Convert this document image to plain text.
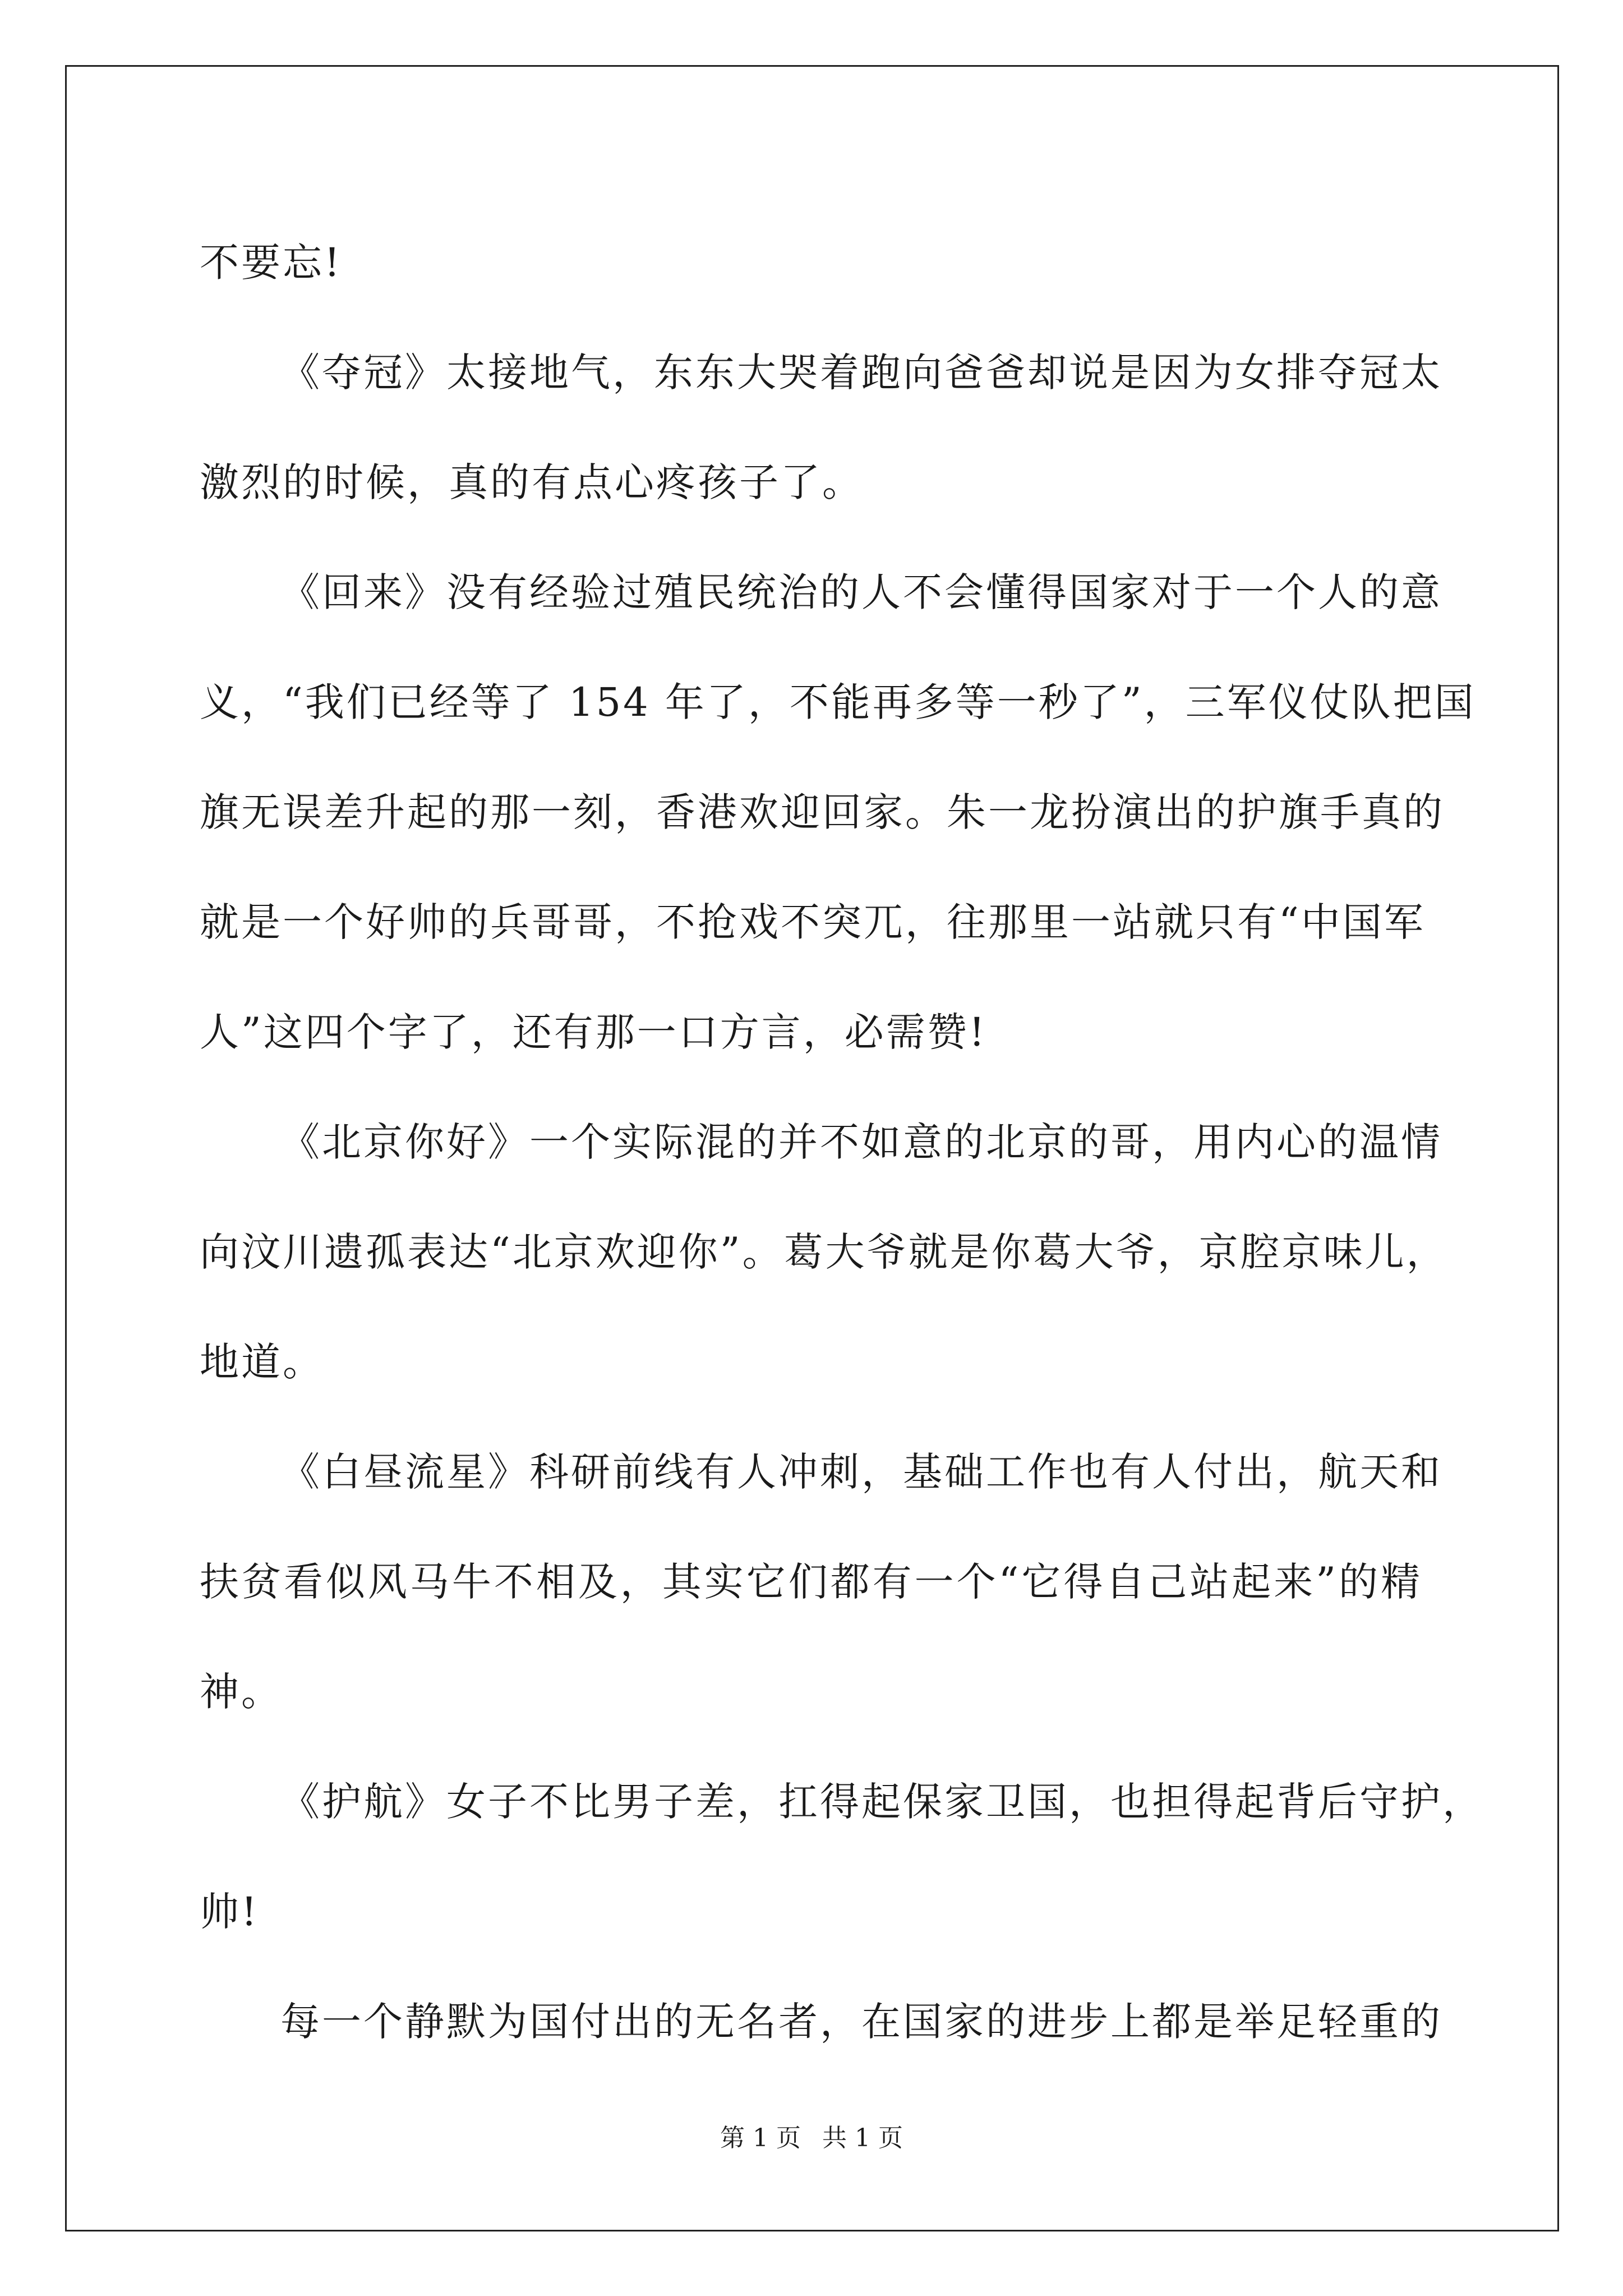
不要忘!
《夺冠》太接地气，东东大哭着跑向爸爸却说是因为女排夺冠太
激烈的时候，真的有点心疼孩子了。
《回来》没有经验过殖民统治的人不会懂得国家对于一个人的意
义，“我们已经等了 154 年了，不能再多等一秒了”，三军仪仗队把国
旗无误差升起的那一刻，香港欢迎回家。朱一龙扮演出的护旗手真的
就是一个好帅的兵哥哥，不抢戏不突兀，往那里一站就只有“中国军
人”这四个字了，还有那一口方言，必需赞!
《北京你好》一个实际混的并不如意的北京的哥，用内心的温情
向汶川遗孤表达“北京欢迎你”。葛大爷就是你葛大爷，京腔京味儿，
地道。
《白昼流星》科研前线有人冲刺，基础工作也有人付出，航天和
扶贫看似风马牛不相及，其实它们都有一个“它得自己站起来”的精
神。
《护航》女子不比男子差，扛得起保家卫国，也担得起背后守护，
帅!
每一个静默为国付出的无名者，在国家的进步上都是举足轻重的
第 1 页 共 1 页
